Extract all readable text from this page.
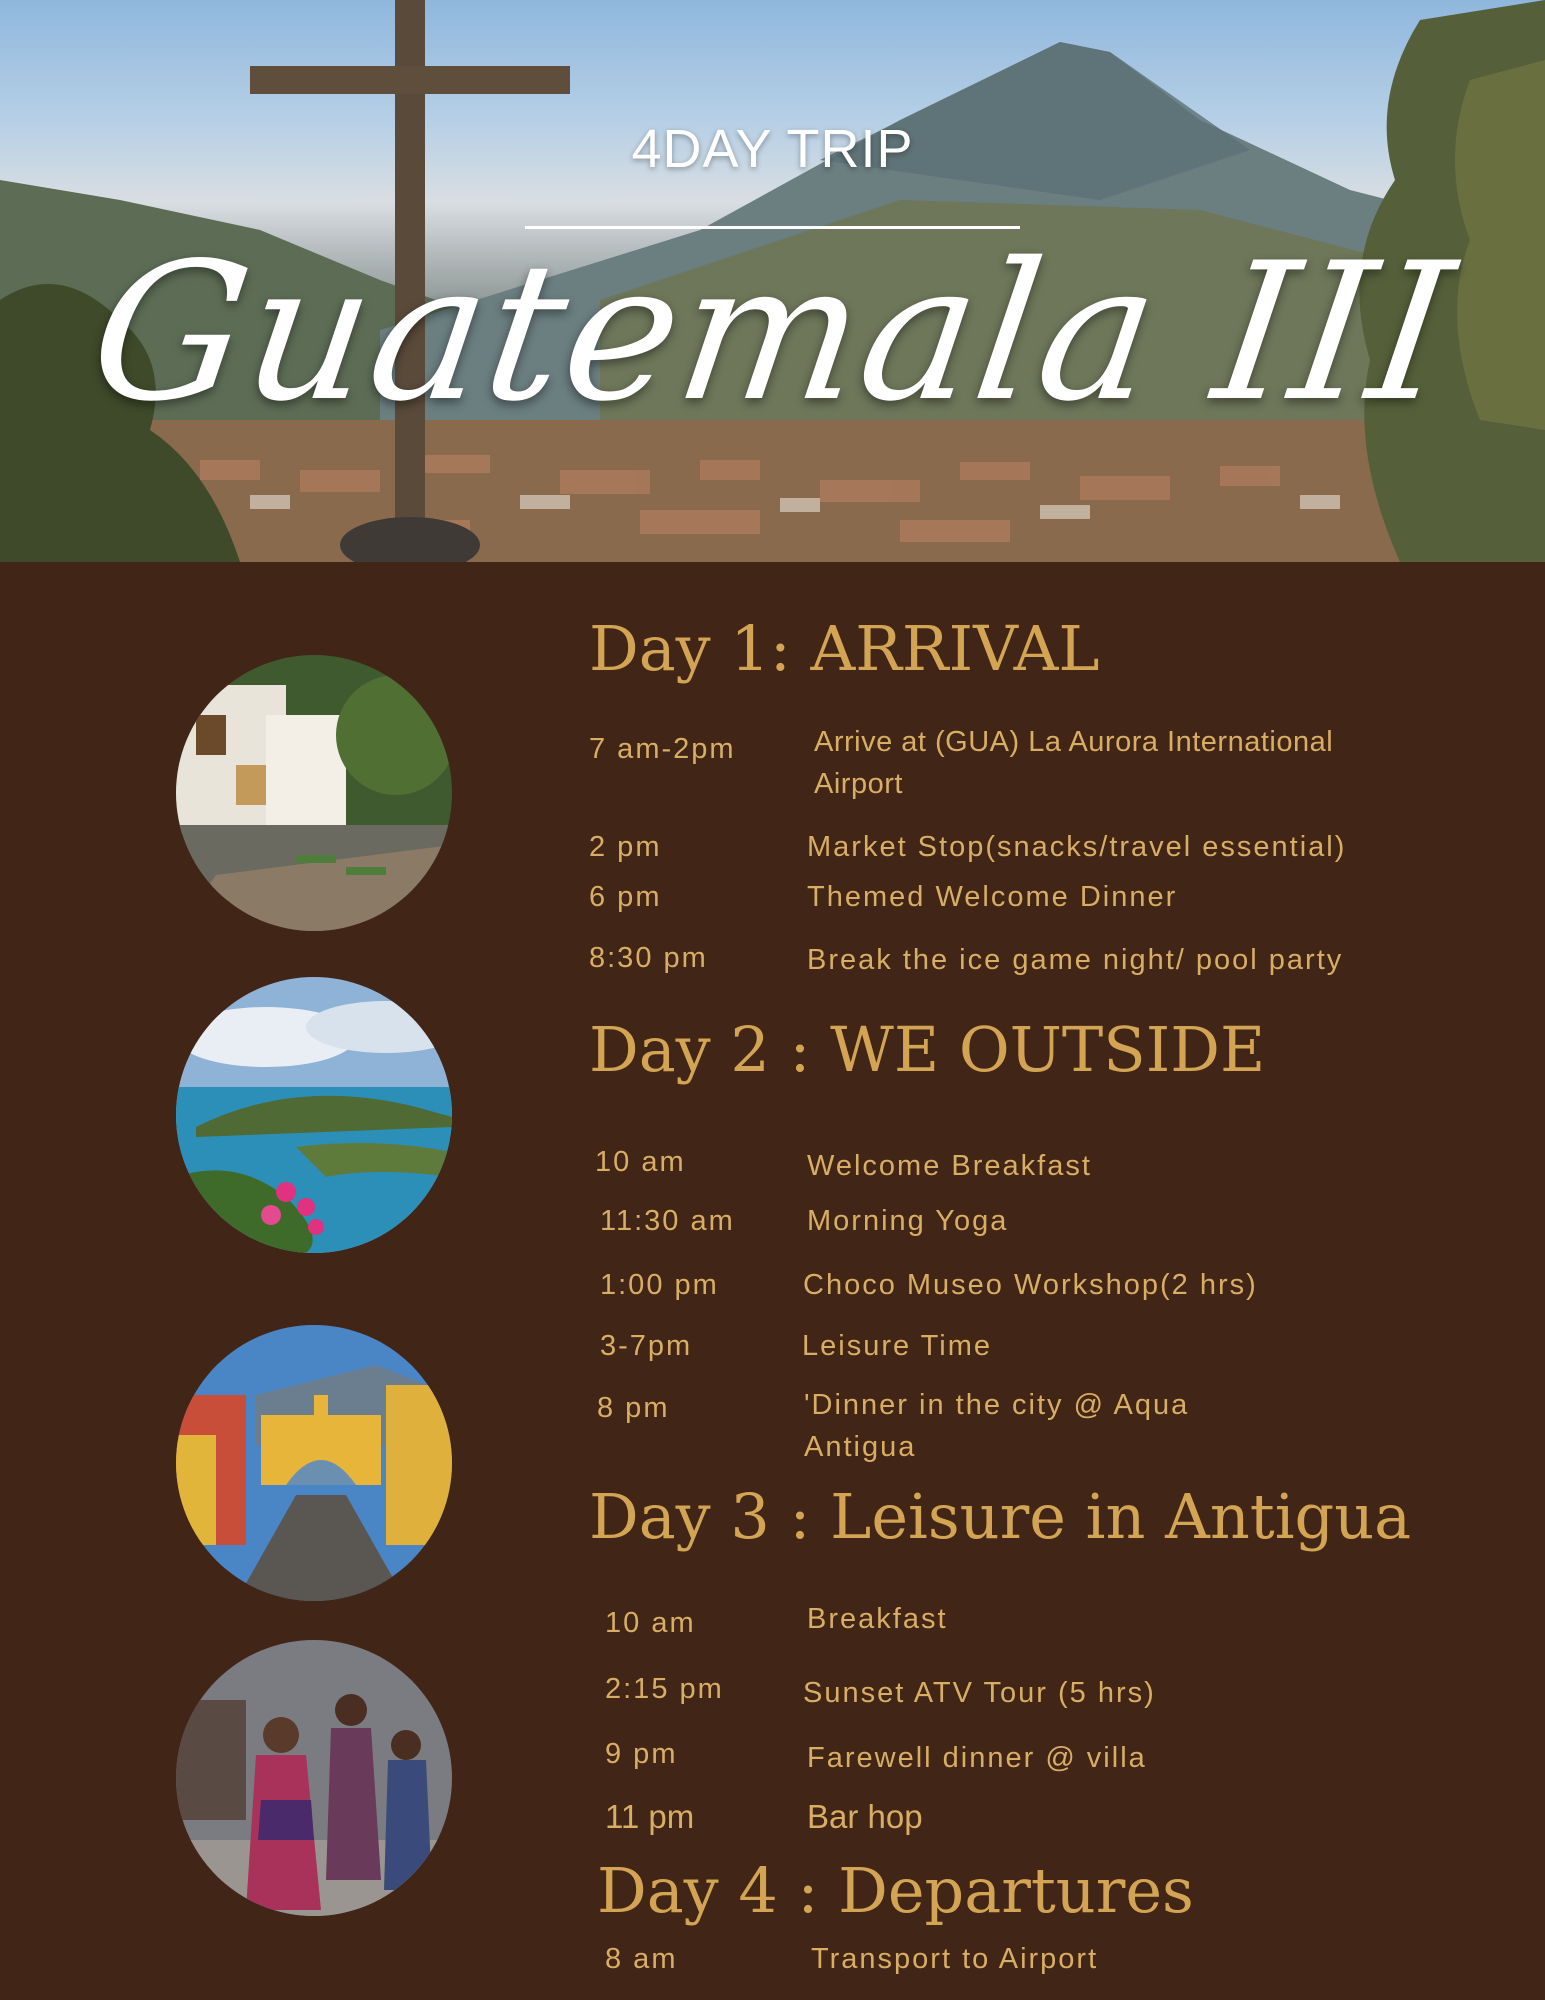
4DAY TRIP
Guatemala III
Day 1: ARRIVAL
7 am-2pm	Arrive at (GUA) La Aurora International Airport
2 pm	Market Stop(snacks/travel essential)
6 pm	Themed Welcome Dinner
8:30 pm	Break the ice game night/ pool party
Day 2 : WE OUTSIDE
10 am	Welcome Breakfast
11:30 am Morning Yoga
1:00 pm	Choco Museo Workshop(2 hrs)
3-7pm	Leisure Time
8 pm	'Dinner in the city @ Aqua Antigua
Day 3 : Leisure in Antigua
10 am	Breakfast
2:15 pm	Sunset ATV Tour (5 hrs)
9 pm	Farewell dinner @ villa
11 pm	Bar hop
Day 4 : Departures
8 am	Transport to Airport
